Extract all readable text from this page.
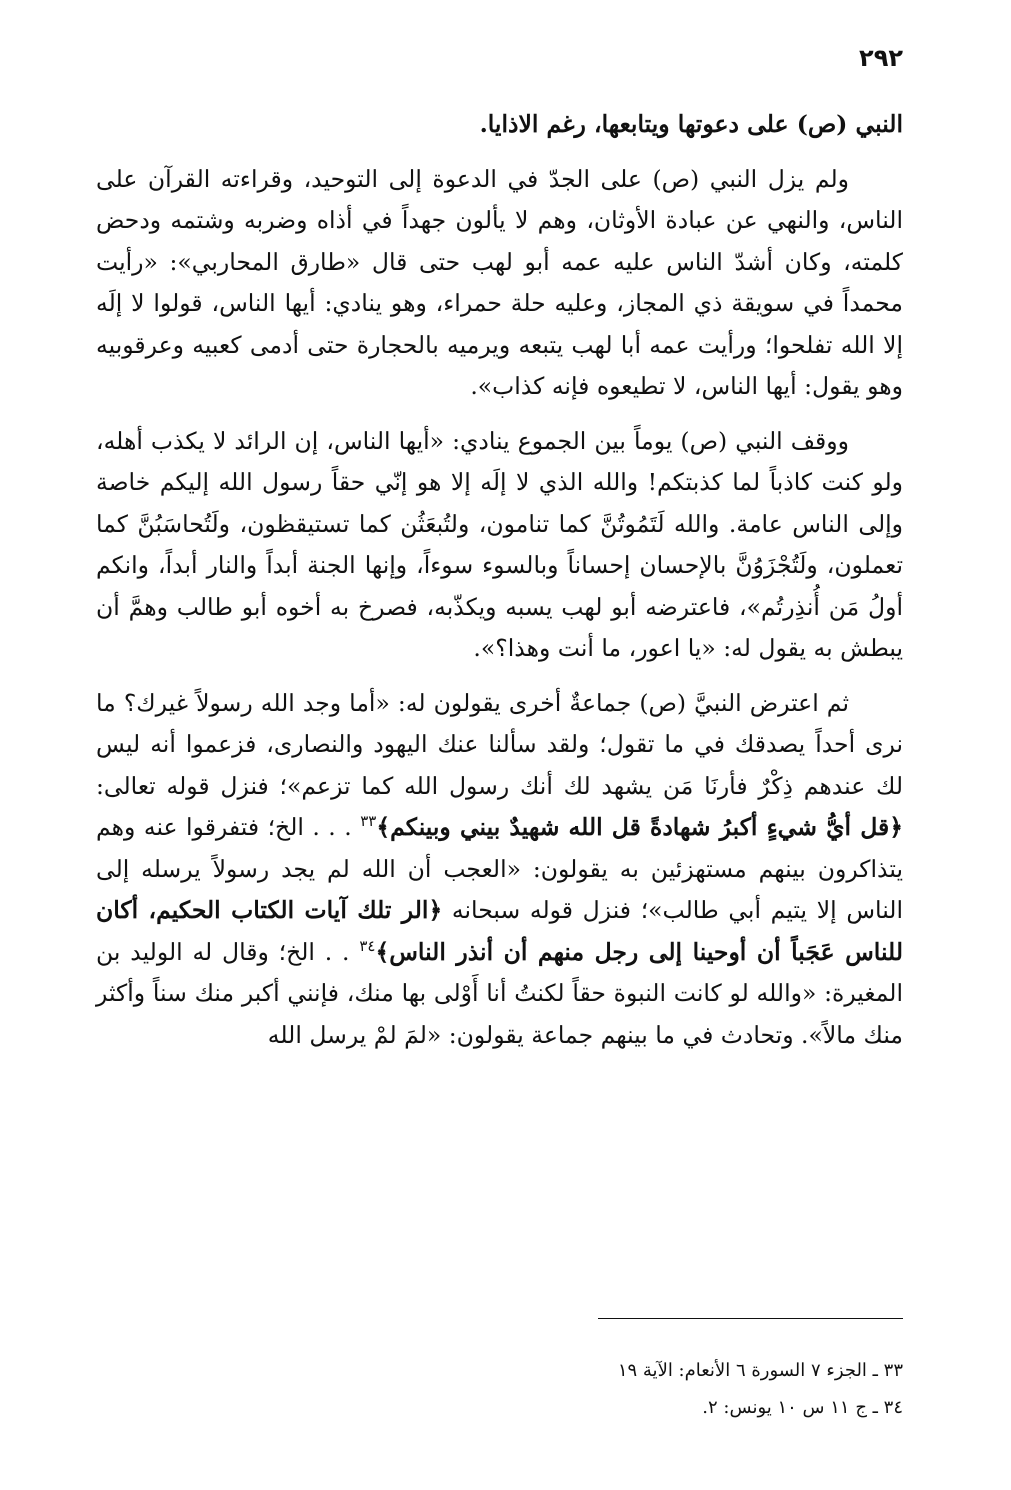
٢٩٢

النبي (ص) على دعوتها ويتابعها، رغم الاذايا.

ولم يزل النبي (ص) على الجدّ في الدعوة إلى التوحيد، وقراءته القرآن على الناس، والنهي عن عبادة الأوثان، وهم لا يألون جهداً في أذاه وضربه وشتمه ودحض كلمته، وكان أشدّ الناس عليه عمه أبو لهب حتى قال «طارق المحاربي»: «رأيت محمداً في سويقة ذي المجاز، وعليه حلة حمراء، وهو ينادي: أيها الناس، قولوا لا إلَه إلا الله تفلحوا؛ ورأيت عمه أبا لهب يتبعه ويرميه بالحجارة حتى أدمى كعبيه وعرقوبيه وهو يقول: أيها الناس، لا تطيعوه فإنه كذاب».

ووقف النبي (ص) يوماً بين الجموع ينادي: «أيها الناس، إن الرائد لا يكذب أهله، ولو كنت كاذباً لما كذبتكم! والله الذي لا إلَه إلا هو إنّي حقاً رسول الله إليكم خاصة وإلى الناس عامة. والله لَتَمُوتُنَّ كما تنامون، ولتُبعَثُن كما تستيقظون، ولَتُحاسَبُنَّ كما تعملون، ولَتُجْزَوُنَّ بالإحسان إحساناً وبالسوء سوءاً، وإنها الجنة أبداً والنار أبداً، وانكم أولُ مَن أُنذِرتُم»، فاعترضه أبو لهب يسبه ويكذّبه، فصرخ به أخوه أبو طالب وهمَّ أن يبطش به يقول له: «يا اعور، ما أنت وهذا؟».

ثم اعترض النبيَّ (ص) جماعةٌ أخرى يقولون له: «أما وجد الله رسولاً غيرك؟ ما نرى أحداً يصدقك في ما تقول؛ ولقد سألنا عنك اليهود والنصارى، فزعموا أنه ليس لك عندهم ذِكْرٌ فأرنَا مَن يشهد لك أنك رسول الله كما تزعم»؛ فنزل قوله تعالى: ﴿قل أيُّ شيءٍ أكبرُ شهادةً قل الله شهيدٌ بيني وبينكم﴾$^{٣٣}$ . . . الخ؛ فتفرقوا عنه وهم يتذاكرون بينهم مستهزئين به يقولون: «العجب أن الله لم يجد رسولاً يرسله إلى الناس إلا يتيم أبي طالب»؛ فنزل قوله سبحانه ﴿الر تلك آيات الكتاب الحكيم، أكان للناس عَجَباً أن أوحينا إلى رجل منهم أن أنذر الناس﴾$^{٣٤}$ . . الخ؛ وقال له الوليد بن المغيرة: «والله لو كانت النبوة حقاً لكنتُ أنا أَوْلى بها منك، فإنني أكبر منك سناً وأكثر منك مالاً». وتحادث في ما بينهم جماعة يقولون: «لمَ لمْ يرسل الله

٣٣ ـ الجزء ٧ السورة ٦ الأنعام: الآية ١٩
٣٤ ـ ج ١١ س ١٠ يونس: ٢.
